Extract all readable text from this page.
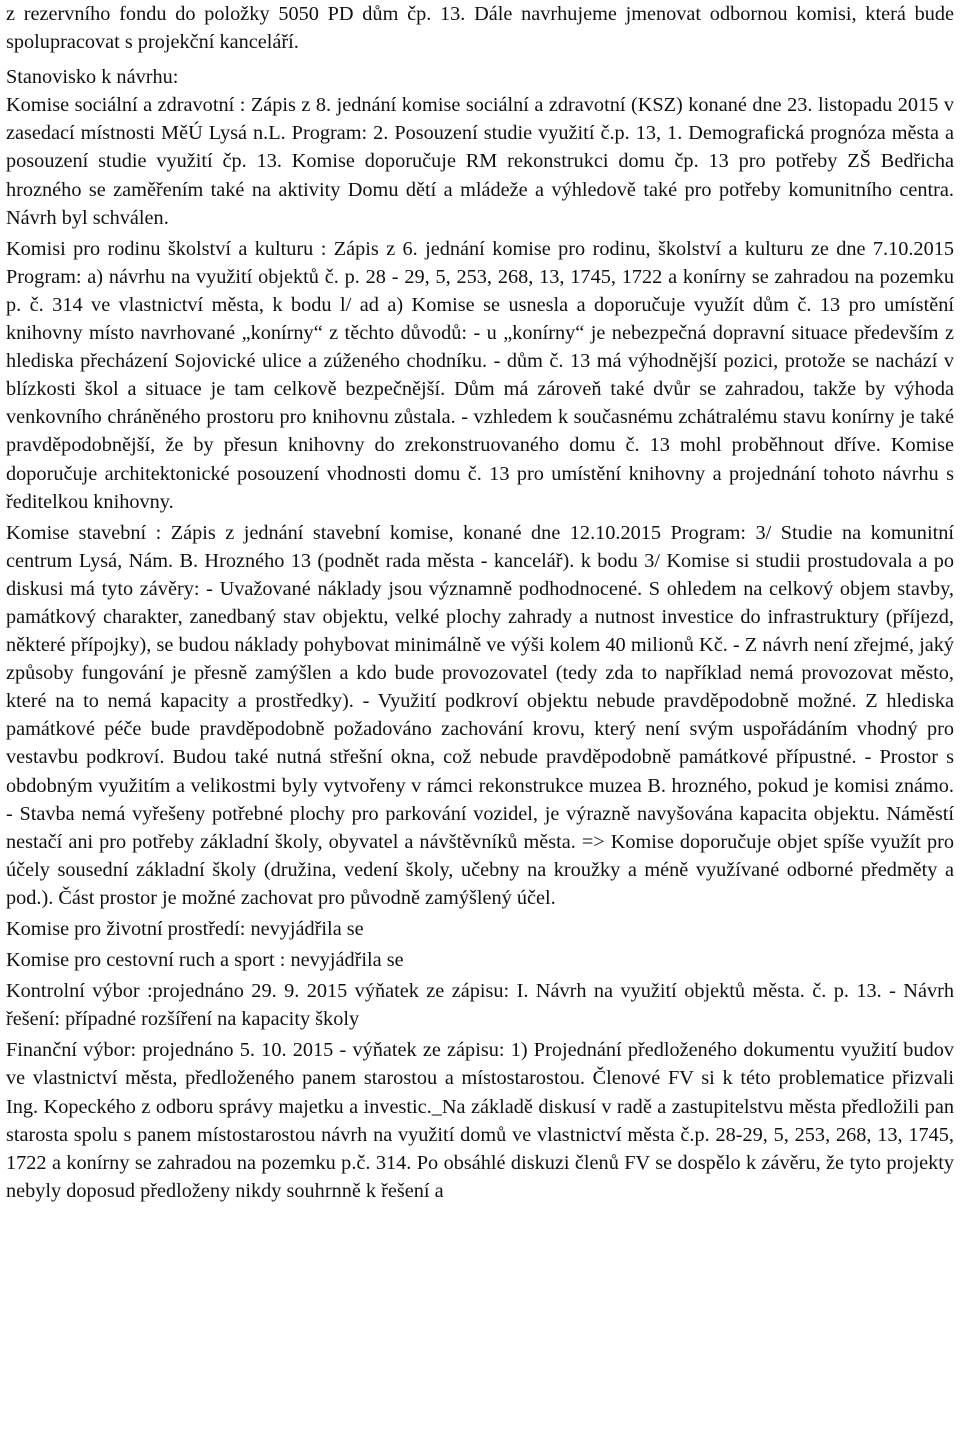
z rezervního fondu do položky 5050 PD dům čp. 13. Dále navrhujeme jmenovat odbornou komisi, která bude spolupracovat s projekční kanceláří.

Stanovisko k návrhu:

Komise sociální a zdravotní : Zápis z 8. jednání komise sociální a zdravotní (KSZ) konané dne 23. listopadu 2015 v zasedací místnosti MěÚ Lysá n.L. Program: 2. Posouzení studie využití č.p. 13, 1. Demografická prognóza města a posouzení studie využití čp. 13. Komise doporučuje RM rekonstrukci domu čp. 13 pro potřeby ZŠ Bedřicha hrozného se zaměřením také na aktivity Domu dětí a mládeže a výhledově také pro potřeby komunitního centra. Návrh byl schválen.

Komisi pro rodinu školství a kulturu : Zápis z 6. jednání komise pro rodinu, školství a kulturu ze dne 7.10.2015 Program: a) návrhu na využití objektů č. p. 28 - 29, 5, 253, 268, 13, 1745, 1722 a konírny se zahradou na pozemku p. č. 314 ve vlastnictví města, k bodu l/ ad a) Komise se usnesla a doporučuje využít dům č. 13 pro umístění knihovny místo navrhované „konírny“ z těchto důvodů: - u „konírny“ je nebezpečná dopravní situace především z hlediska přecházení Sojovické ulice a zúženého chodníku. - dům č. 13 má výhodnější pozici, protože se nachází v blízkosti škol a situace je tam celkově bezpečnější. Dům má zároveň také dvůr se zahradou, takže by výhoda venkovního chráněného prostoru pro knihovnu zůstala. - vzhledem k současnému zchátralému stavu konírny je také pravděpodobnější, že by přesun knihovny do zrekonstruovaného domu č. 13 mohl proběhnout dříve. Komise doporučuje architektonické posouzení vhodnosti domu č. 13 pro umístění knihovny a projednání tohoto návrhu s ředitelkou knihovny.

Komise stavební : Zápis z jednání stavební komise, konané dne 12.10.2015 Program: 3/ Studie na komunitní centrum Lysá, Nám. B. Hrozného 13 (podnět rada města - kancelář). k bodu 3/ Komise si studii prostudovala a po diskusi má tyto závěry: - Uvažované náklady jsou významně podhodnocené. S ohledem na celkový objem stavby, památkový charakter, zanedbaný stav objektu, velké plochy zahrady a nutnost investice do infrastruktury (příjezd, některé přípojky), se budou náklady pohybovat minimálně ve výši kolem 40 milionů Kč. - Z návrh není zřejmé, jaký způsoby fungování je přesně zamýšlen a kdo bude provozovatel (tedy zda to například nemá provozovat město, které na to nemá kapacity a prostředky). - Využití podkroví objektu nebude pravděpodobně možné. Z hlediska památkové péče bude pravděpodobně požadováno zachování krovu, který není svým uspořádáním vhodný pro vestavbu podkroví. Budou také nutná střešní okna, což nebude pravděpodobně památkové přípustné. - Prostor s obdobným využitím a velikostmi byly vytvořeny v rámci rekonstrukce muzea B. hrozného, pokud je komisi známo. - Stavba nemá vyřešeny potřebné plochy pro parkování vozidel, je výrazně navyšována kapacita objektu. Náměstí nestačí ani pro potřeby základní školy, obyvatel a návštěvníků města. => Komise doporučuje objet spíše využít pro účely sousední základní školy (družina, vedení školy, učebny na kroužky a méně využívané odborné předměty a pod.). Část prostor je možné zachovat pro původně zamýšlený účel.

Komise pro životní prostředí: nevyjádřila se

Komise pro cestovní ruch a sport : nevyjádřila se

Kontrolní výbor :projednáno 29. 9. 2015 výňatek ze zápisu: I. Návrh na využití objektů města. č. p. 13. - Návrh řešení: případné rozšíření na kapacity školy

Finanční výbor: projednáno 5. 10. 2015 - výňatek ze zápisu: 1) Projednání předloženého dokumentu využití budov ve vlastnictví města, předloženého panem starostou a místostarostou. Členové FV si k této problematice přizvali Ing. Kopeckého z odboru správy majetku a investic._Na základě diskusí v radě a zastupitelstvu města předložili pan starosta spolu s panem místostarostou návrh na využití domů ve vlastnictví města č.p. 28-29, 5, 253, 268, 13, 1745, 1722 a konírny se zahradou na pozemku p.č. 314. Po obsáhlé diskuzi členů FV se dospělo k závěru, že tyto projekty nebyly doposud předloženy nikdy souhrnně k řešení a
